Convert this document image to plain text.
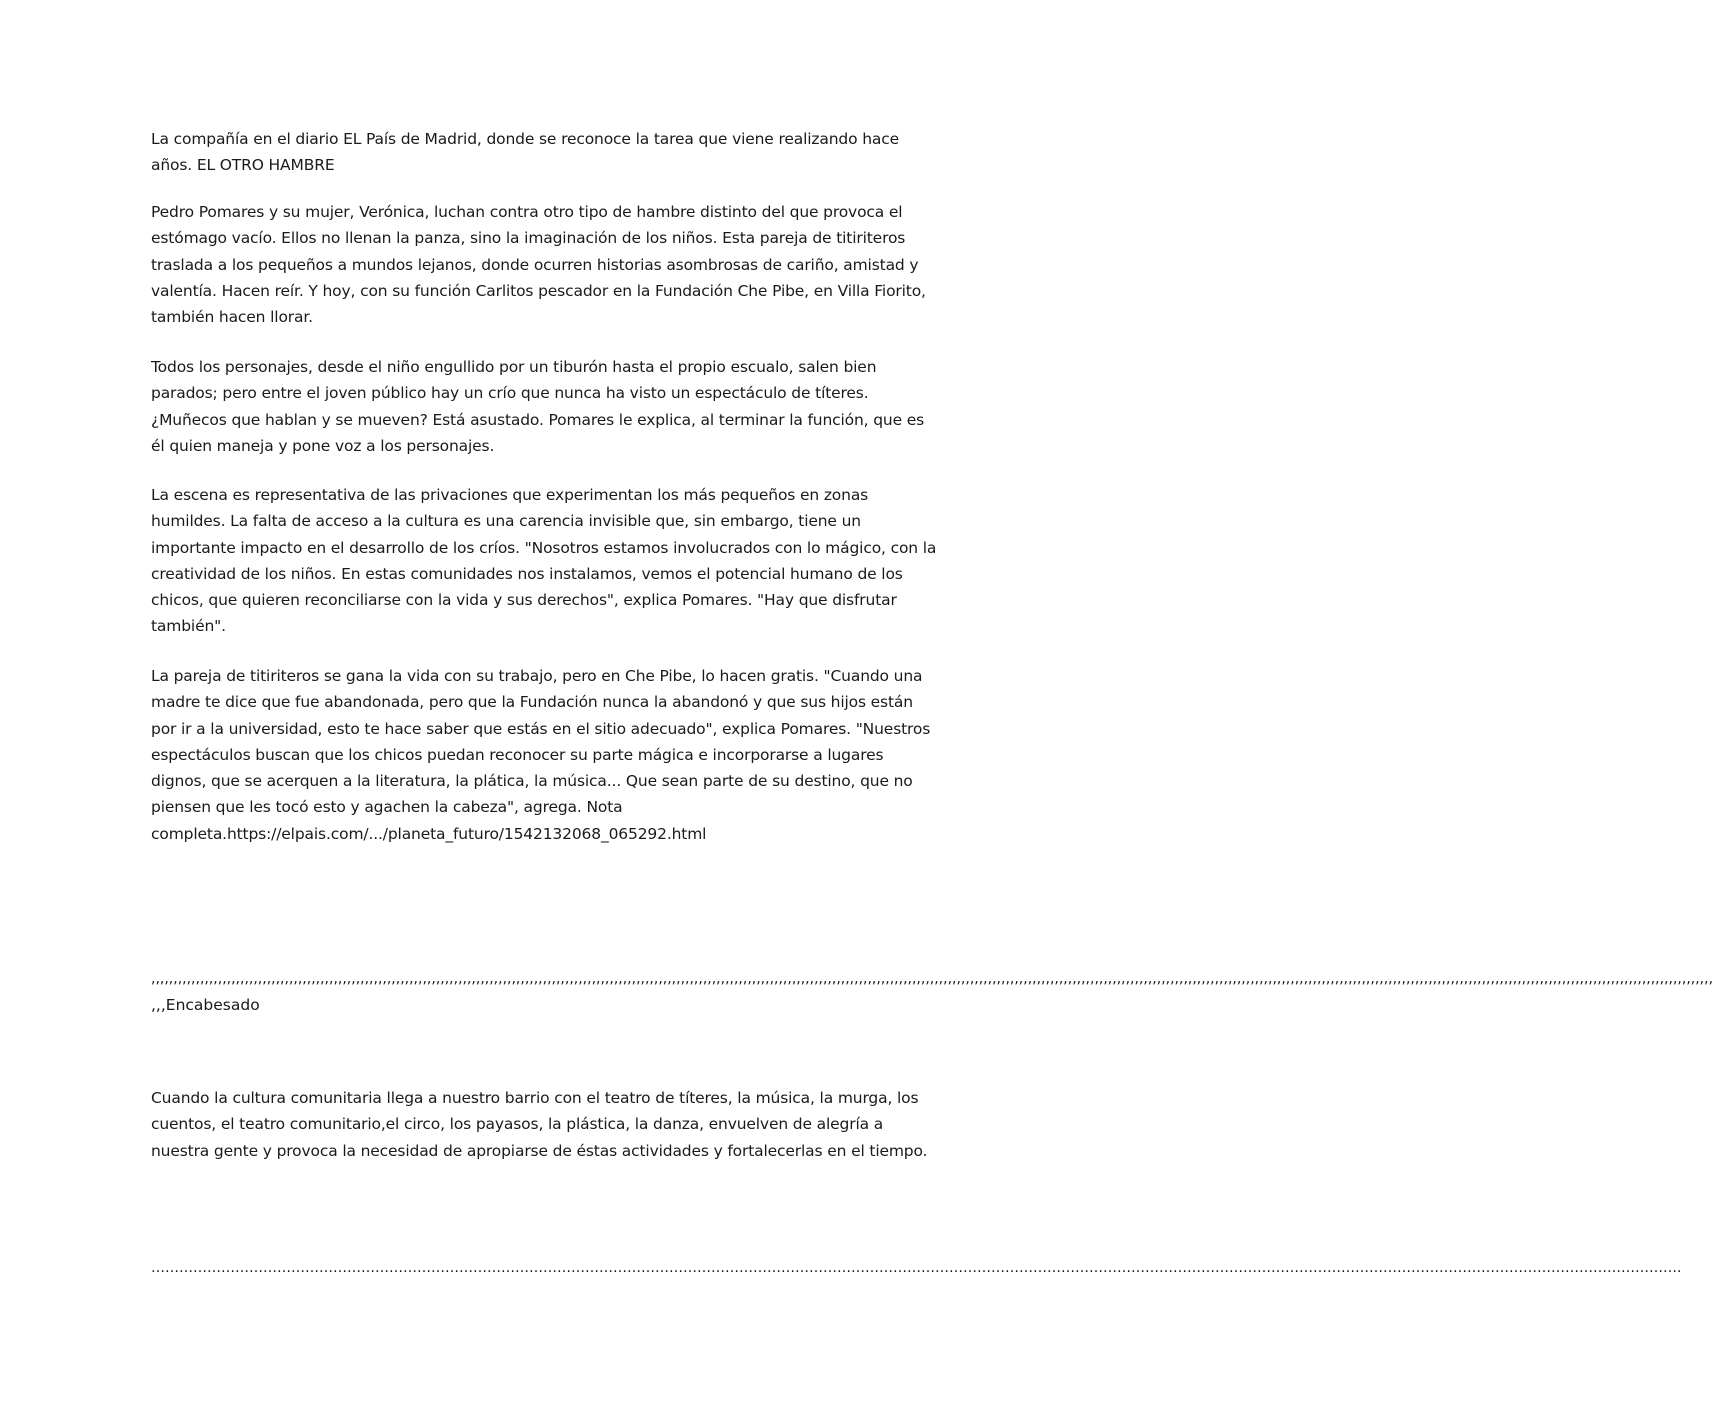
La compañía en el diario EL País de Madrid, donde se reconoce la tarea que viene realizando hace años. EL OTRO HAMBRE

Pedro Pomares y su mujer, Verónica, luchan contra otro tipo de hambre distinto del que provoca el estómago vacío. Ellos no llenan la panza, sino la imaginación de los niños. Esta pareja de titiriteros traslada a los pequeños a mundos lejanos, donde ocurren historias asombrosas de cariño, amistad y valentía. Hacen reír. Y hoy, con su función Carlitos pescador en la Fundación Che Pibe, en Villa Fiorito, también hacen llorar.

Todos los personajes, desde el niño engullido por un tiburón hasta el propio escualo, salen bien parados; pero entre el joven público hay un crío que nunca ha visto un espectáculo de títeres. ¿Muñecos que hablan y se mueven? Está asustado. Pomares le explica, al terminar la función, que es él quien maneja y pone voz a los personajes.

La escena es representativa de las privaciones que experimentan los más pequeños en zonas humildes. La falta de acceso a la cultura es una carencia invisible que, sin embargo, tiene un importante impacto en el desarrollo de los críos. "Nosotros estamos involucrados con lo mágico, con la creatividad de los niños. En estas comunidades nos instalamos, vemos el potencial humano de los chicos, que quieren reconciliarse con la vida y sus derechos", explica Pomares. "Hay que disfrutar también".

La pareja de titiriteros se gana la vida con su trabajo, pero en Che Pibe, lo hacen gratis. "Cuando una madre te dice que fue abandonada, pero que la Fundación nunca la abandonó y que sus hijos están por ir a la universidad, esto te hace saber que estás en el sitio adecuado", explica Pomares. "Nuestros espectáculos buscan que los chicos puedan reconocer su parte mágica e incorporarse a lugares dignos, que se acerquen a la literatura, la plática, la música... Que sean parte de su destino, que no piensen que les tocó esto y agachen la cabeza", agrega. Nota completa.https://elpais.com/.../planeta_futuro/1542132068_065292.html

,,,,,,,,,,,,,,,,,,,,,,,,,,,,,,,,,,,,,,,,,,,,,,,,,,,,,,,,,,,,,,,,,,,,,,,,,,,,,,,,,,,,,,,,,,,,,,,,,,,,,,,,,,,,,,,,,,,,,,,,,,,,,,,,,,,,,,,,,,,,,,,,,,,,,,,,,,,,,,,,,,,,,,,,,,,,,,,,,,,,,,,,,,,,,,,,,,,,,,,,,,,,,,,,,,,,,,,,,,,,,,,,,,,,,,,,,,,,,,,,,,,,,,,,,,,,,,,,,,,,,,,,,,,,,,,,,,,,,,,,,,,,,,,,,,,,,,,,,,,,,,,,,,,,,,,,,,,,,,,,,,,,,,,,,,,,,,,,,,,,,,,,,,,,,,,

,,,Encabesado

Cuando la cultura comunitaria llega a nuestro barrio con el teatro de títeres, la música, la murga, los cuentos, el teatro comunitario,el circo, los payasos, la plástica, la danza, envuelven de alegría a nuestra gente y provoca la necesidad de apropiarse de éstas actividades y fortalecerlas en el tiempo.

………………………………………………………………………………………………………………………………………………………………………………………………………………………………………………………………………………………………….
